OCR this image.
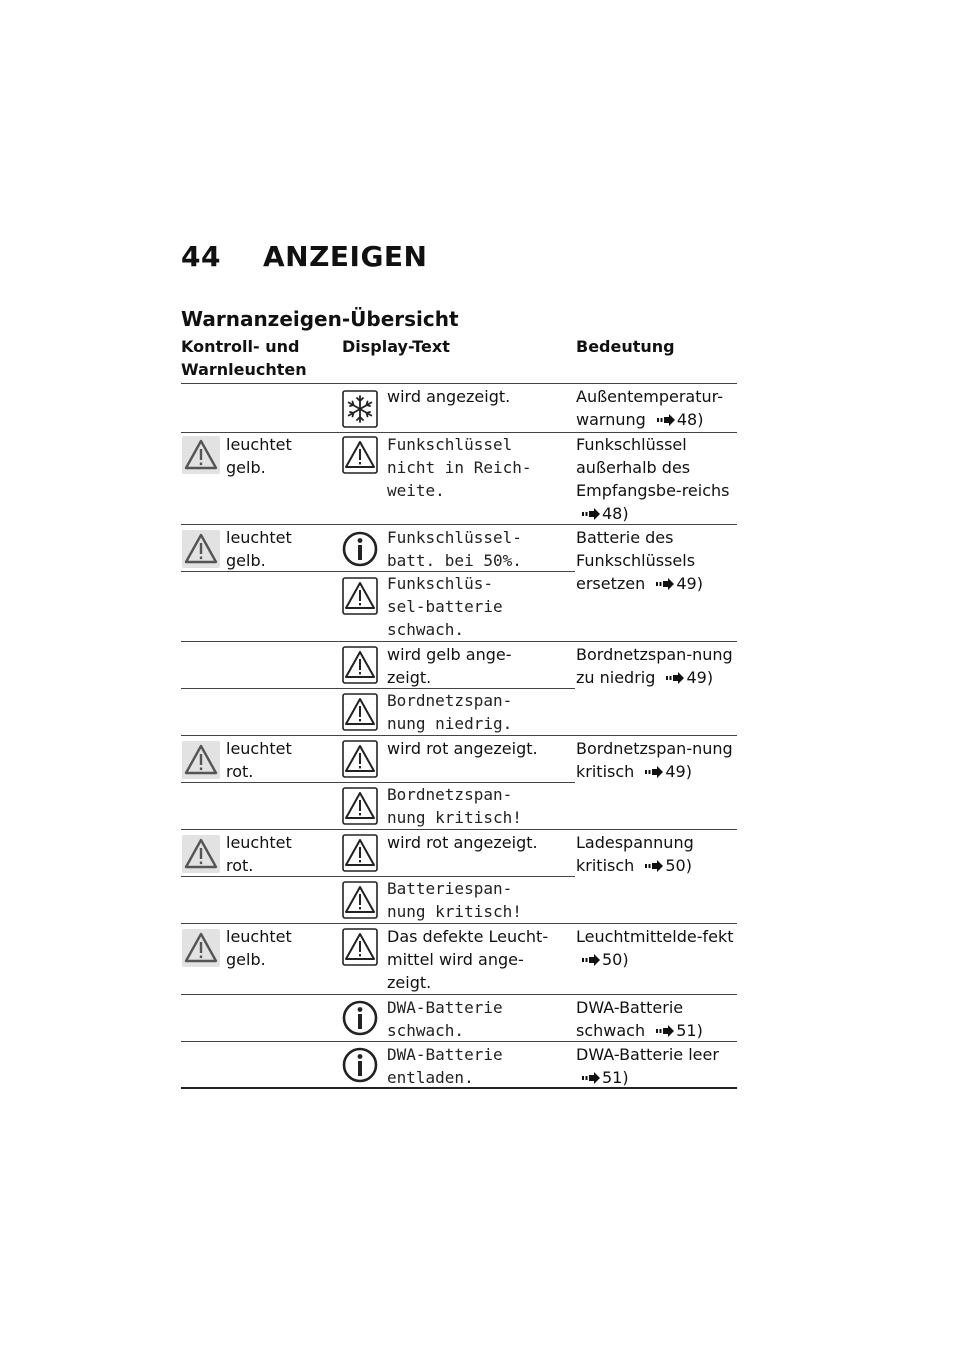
44 ANZEIGEN
Warnanzeigen-Übersicht
Kontroll- und Warnleuchten
Display-Text	Bedeutung
wird angezeigt.	Außentemperatur-warnung 48)
leuchtet gelb.
Funkschlüssel
nicht in Reich-
weite.
Funkschlüssel außerhalb des Empfangsbe-reichs 48)
leuchtet gelb.
Funkschlüssel-
batt. bei 50%.
Funkschlüs-
sel-batterie
schwach.
Batterie des Funkschlüssels ersetzen 49)
wird gelb ange-zeigt.
Bordnetzspan-
nung niedrig.
Bordnetzspan-nung zu niedrig 49)
leuchtet rot.
wird rot angezeigt.
Bordnetzspan-
nung kritisch!
Bordnetzspan-nung kritisch 49)
leuchtet rot.
wird rot angezeigt.
Batteriespan-
nung kritisch!
Ladespannung kritisch 50)
leuchtet gelb.
Das defekte Leucht-mittel wird ange-zeigt.
Leuchtmittelde-fekt 50)
DWA-Batterie
schwach.
DWA-Batterie schwach 51)
DWA-Batterie
entladen.
DWA-Batterie leer 51)
